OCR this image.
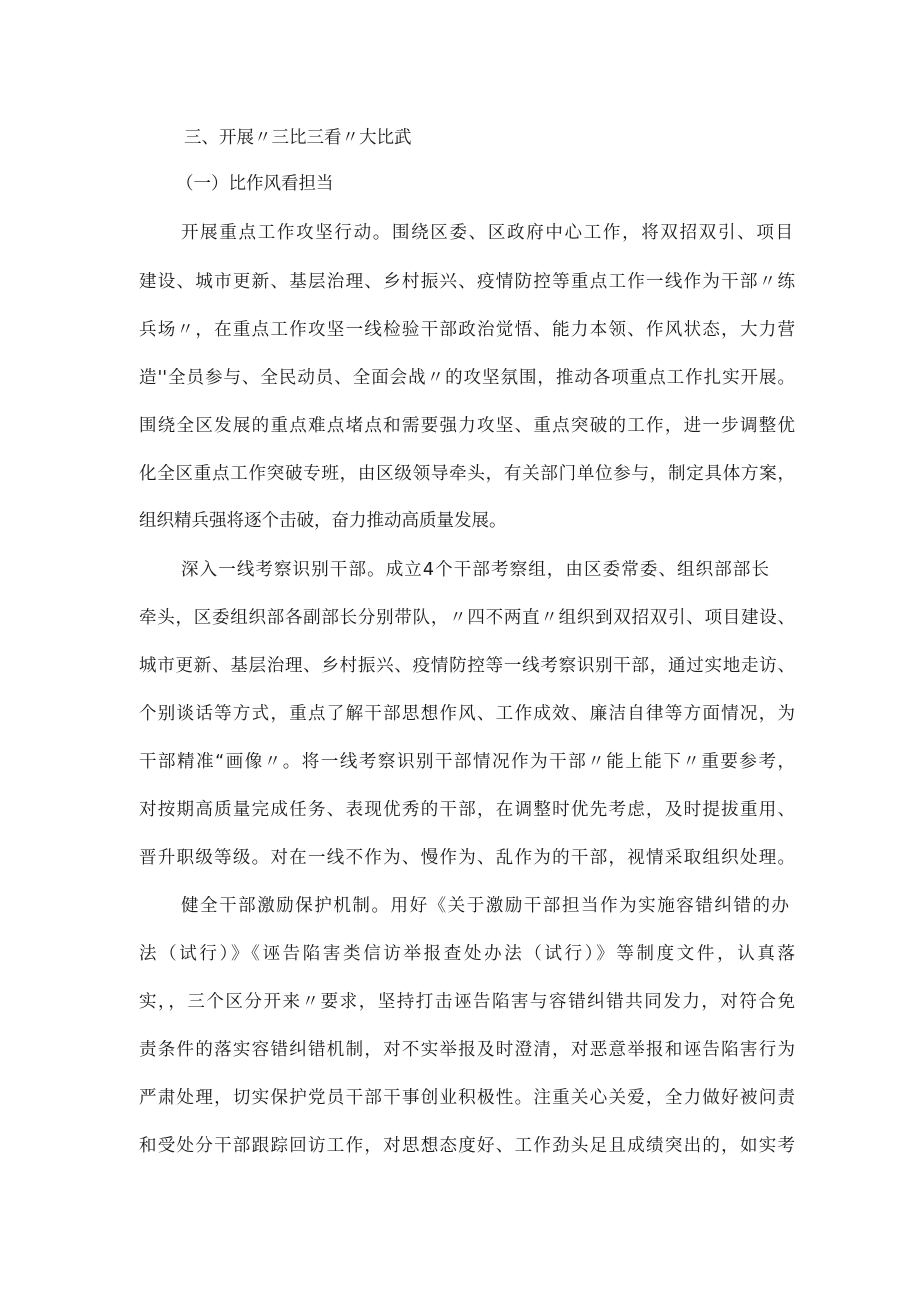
三、开展〃三比三看〃大比武
（一）比作风看担当
开展重点工作攻坚行动。围绕区委、区政府中心工作，将双招双引、项目
建设、城市更新、基层治理、乡村振兴、疫情防控等重点工作一线作为干部〃练
兵场〃，在重点工作攻坚一线检验干部政治觉悟、能力本领、作风状态，大力营
造''全员参与、全民动员、全面会战〃的攻坚氛围，推动各项重点工作扎实开展。
围绕全区发展的重点难点堵点和需要强力攻坚、重点突破的工作，进一步调整优
化全区重点工作突破专班，由区级领导牵头，有关部门单位参与，制定具体方案，
组织精兵强将逐个击破，奋力推动高质量发展。
深入一线考察识别干部。成立4个干部考察组，由区委常委、组织部部长
牵头，区委组织部各副部长分别带队，〃四不两直〃组织到双招双引、项目建设、
城市更新、基层治理、乡村振兴、疫情防控等一线考察识别干部，通过实地走访、
个别谈话等方式，重点了解干部思想作风、工作成效、廉洁自律等方面情况，为
干部精准“画像〃。将一线考察识别干部情况作为干部〃能上能下〃重要参考，
对按期高质量完成任务、表现优秀的干部，在调整时优先考虑，及时提拔重用、
晋升职级等级。对在一线不作为、慢作为、乱作为的干部，视情采取组织处理。
健全干部激励保护机制。用好《关于激励干部担当作为实施容错纠错的办
法（试行）》《诬告陷害类信访举报查处办法（试行）》等制度文件，认真落
实，，三个区分开来〃要求，坚持打击诬告陷害与容错纠错共同发力，对符合免
责条件的落实容错纠错机制，对不实举报及时澄清，对恶意举报和诬告陷害行为
严肃处理，切实保护党员干部干事创业积极性。注重关心关爱，全力做好被问责
和受处分干部跟踪回访工作，对思想态度好、工作劲头足且成绩突出的，如实考
